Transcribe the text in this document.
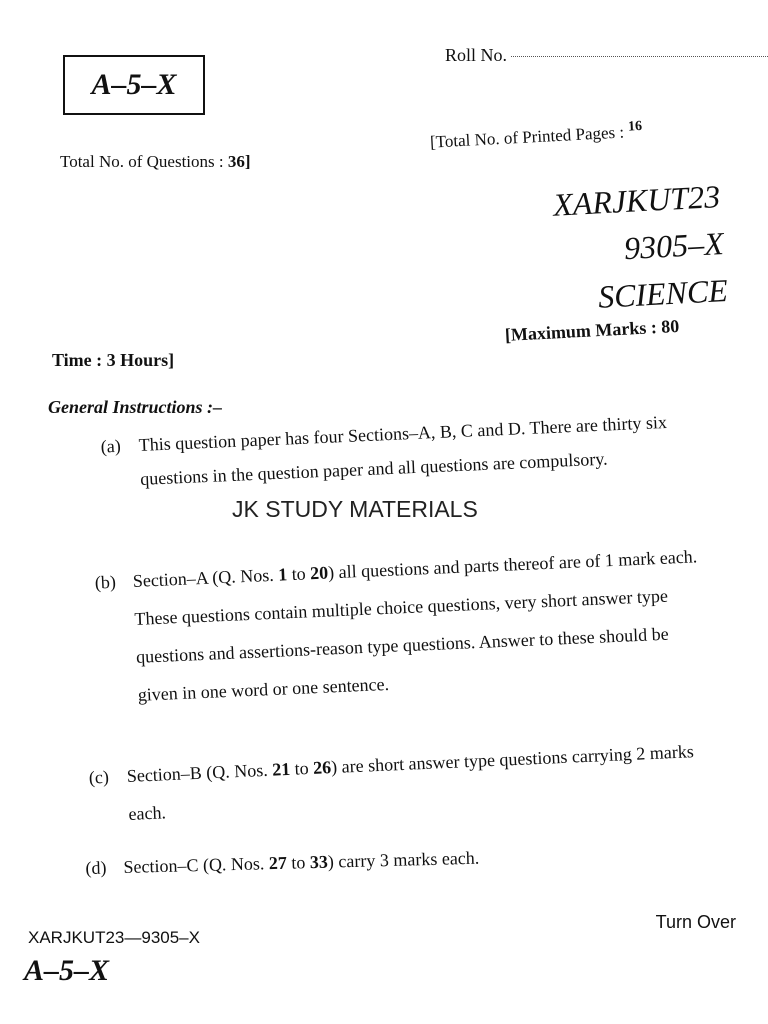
A–5–X
Roll No.
Total No. of Questions : 36]
[Total No. of Printed Pages : $^{16}$
XARJKUT23
9305–X
SCIENCE
Time : 3 Hours]
[Maximum Marks : 80
General Instructions :–
(a) This question paper has four Sections–A, B, C and D. There are thirty six questions in the question paper and all questions are compulsory.
JK STUDY MATERIALS
(b) Section–A (Q. Nos. 1 to 20) all questions and parts thereof are of 1 mark each. These questions contain multiple choice questions, very short answer type questions and assertions-reason type questions. Answer to these should be given in one word or one sentence.
(c) Section–B (Q. Nos. 21 to 26) are short answer type questions carrying 2 marks each.
(d) Section–C (Q. Nos. 27 to 33) carry 3 marks each.
Turn Over
XARJKUT23—9305–X
A–5–X
